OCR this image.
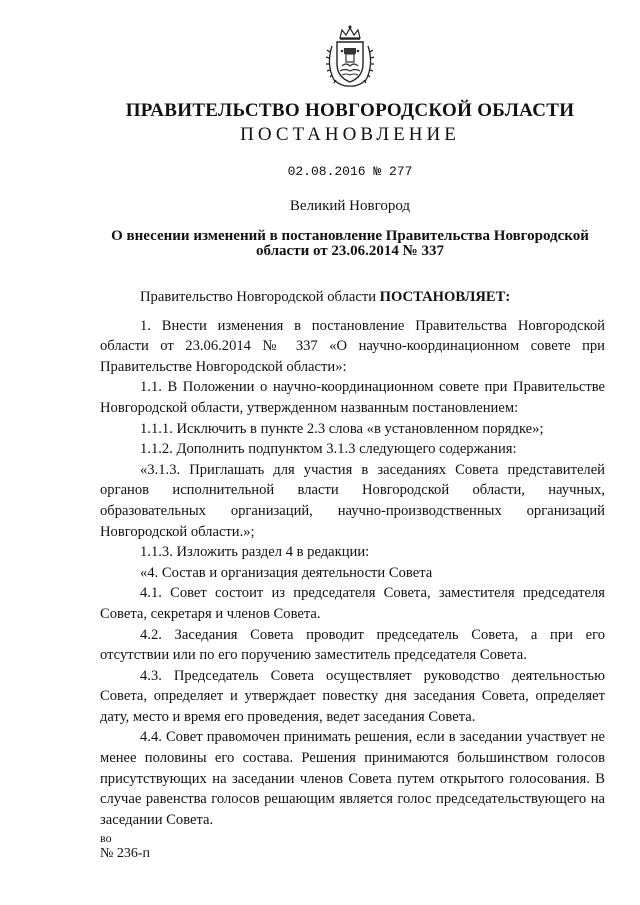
ПРАВИТЕЛЬСТВО НОВГОРОДСКОЙ ОБЛАСТИ
ПОСТАНОВЛЕНИЕ
02.08.2016 № 277
Великий Новгород
О внесении изменений в постановление Правительства Новгородской
области от 23.06.2014 № 337

Правительство Новгородской области ПОСТАНОВЛЯЕТ:

1. Внести изменения в постановление Правительства Новгородской области от 23.06.2014 № 337 «О научно-координационном совете при Правительстве Новгородской области»:

1.1. В Положении о научно-координационном совете при Правительстве Новгородской области, утвержденном названным постановлением:

1.1.1. Исключить в пункте 2.3 слова «в установленном порядке»;

1.1.2. Дополнить подпунктом 3.1.3 следующего содержания:

«3.1.3. Приглашать для участия в заседаниях Совета представителей органов исполнительной власти Новгородской области, научных, образовательных организаций, научно-производственных организаций Новгородской области.»;

1.1.3. Изложить раздел 4 в редакции:

«4. Состав и организация деятельности Совета

4.1. Совет состоит из председателя Совета, заместителя председателя Совета, секретаря и членов Совета.

4.2. Заседания Совета проводит председатель Совета, а при его отсутствии или по его поручению заместитель председателя Совета.

4.3. Председатель Совета осуществляет руководство деятельностью Совета, определяет и утверждает повестку дня заседания Совета, определяет дату, место и время его проведения, ведет заседания Совета.

4.4. Совет правомочен принимать решения, если в заседании участвует не менее половины его состава. Решения принимаются большинством голосов присутствующих на заседании членов Совета путем открытого голосования. В случае равенства голосов решающим является голос председательствующего на заседании Совета.

во
№ 236-п
